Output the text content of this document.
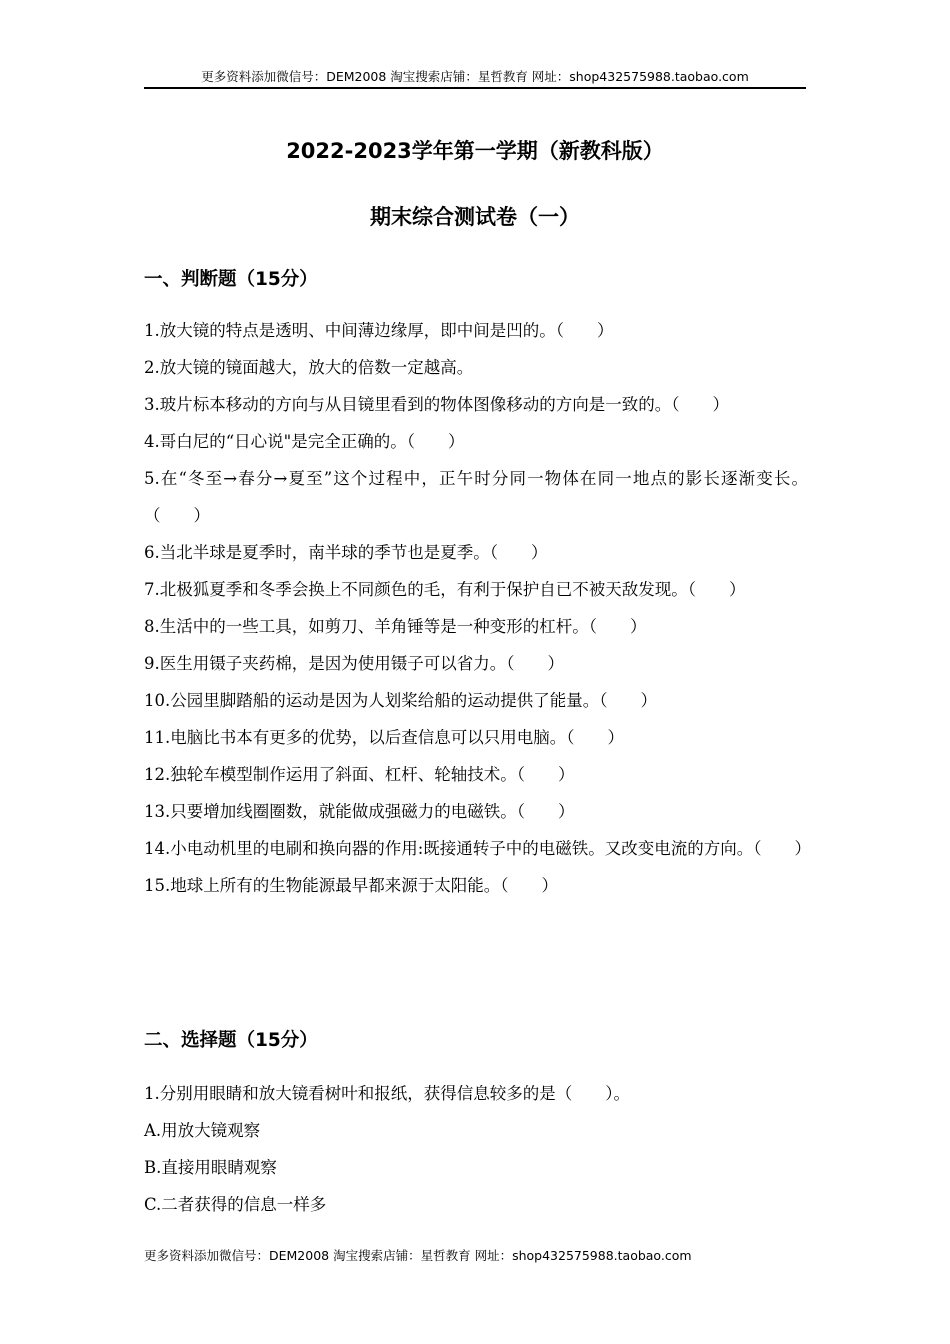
更多资料添加微信号：DEM2008 淘宝搜索店铺：星哲教育 网址：shop432575988.taobao.com
2022-2023学年第一学期（新教科版）
期末综合测试卷（一）
一、判断题（15分）

1.放大镜的特点是透明、中间薄边缘厚，即中间是凹的。（　　）

2.放大镜的镜面越大，放大的倍数一定越高。

3.玻片标本移动的方向与从目镜里看到的物体图像移动的方向是一致的。（　　）

4.哥白尼的“日心说"是完全正确的。（　　）

5.在“冬至→春分→夏至”这个过程中，正午时分同一物体在同一地点的影长逐渐变长。（　　）

6.当北半球是夏季时，南半球的季节也是夏季。（　　）

7.北极狐夏季和冬季会换上不同颜色的毛，有利于保护自已不被天敌发现。（　　）

8.生活中的一些工具，如剪刀、羊角锤等是一种变形的杠杆。（　　）

9.医生用镊子夹药棉，是因为使用镊子可以省力。（　　）

10.公园里脚踏船的运动是因为人划桨给船的运动提供了能量。（　　）

11.电脑比书本有更多的优势，以后查信息可以只用电脑。（　　）

12.独轮车模型制作运用了斜面、杠杆、轮轴技术。（　　）

13.只要增加线圈圈数，就能做成强磁力的电磁铁。（　　）

14.小电动机里的电刷和换向器的作用:既接通转子中的电磁铁。又改变电流的方向。（　　）

15.地球上所有的生物能源最早都来源于太阳能。（　　）

二、选择题（15分）

1.分别用眼睛和放大镜看树叶和报纸，获得信息较多的是（　　）。

A.用放大镜观察

B.直接用眼睛观察

C.二者获得的信息一样多

更多资料添加微信号：DEM2008 淘宝搜索店铺：星哲教育 网址：shop432575988.taobao.com
